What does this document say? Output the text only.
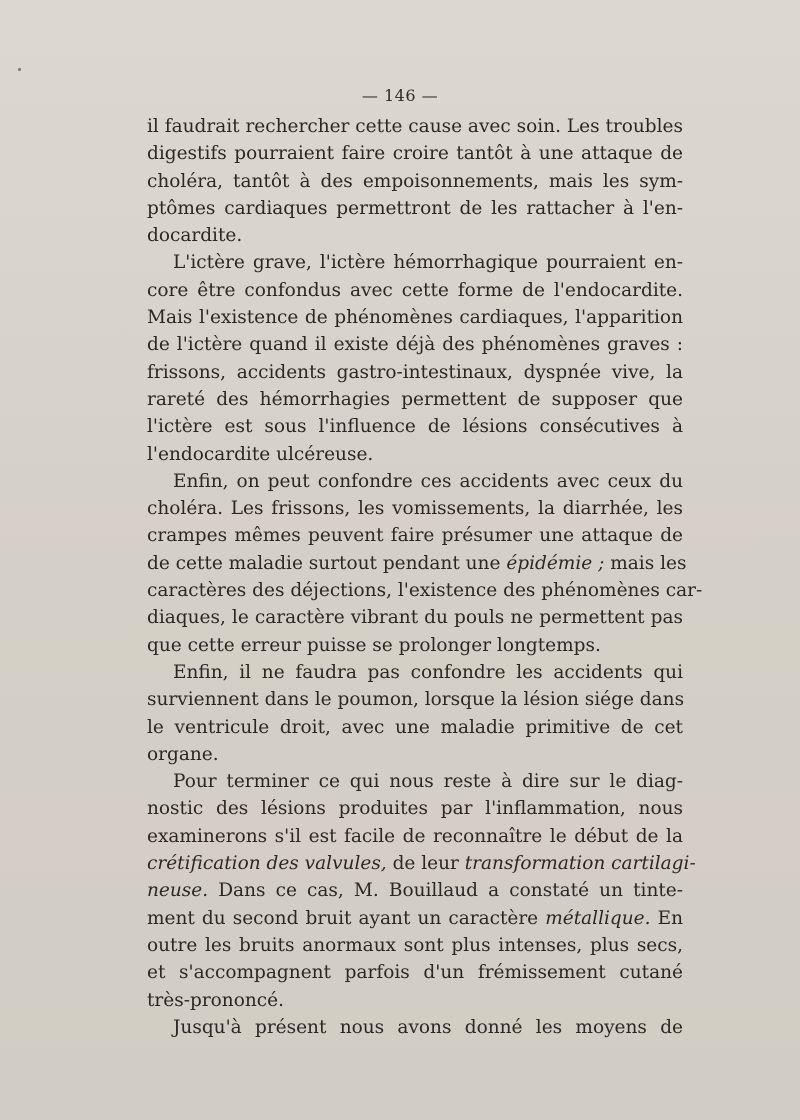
— 146 —
il faudrait rechercher cette cause avec soin. Les troubles
digestifs pourraient faire croire tantôt à une attaque de
choléra, tantôt à des empoisonnements, mais les sym-
ptômes cardiaques permettront de les rattacher à l'en-
docardite.
L'ictère grave, l'ictère hémorrhagique pourraient en-
core être confondus avec cette forme de l'endocardite.
Mais l'existence de phénomènes cardiaques, l'apparition
de l'ictère quand il existe déjà des phénomènes graves :
frissons, accidents gastro-intestinaux, dyspnée vive, la
rareté des hémorrhagies permettent de supposer que
l'ictère est sous l'influence de lésions consécutives à
l'endocardite ulcéreuse.
Enfin, on peut confondre ces accidents avec ceux du
choléra. Les frissons, les vomissements, la diarrhée, les
crampes mêmes peuvent faire présumer une attaque de
de cette maladie surtout pendant une épidémie ; mais les
caractères des déjections, l'existence des phénomènes car-
diaques, le caractère vibrant du pouls ne permettent pas
que cette erreur puisse se prolonger longtemps.
Enfin, il ne faudra pas confondre les accidents qui
surviennent dans le poumon, lorsque la lésion siége dans
le ventricule droit, avec une maladie primitive de cet
organe.
Pour terminer ce qui nous reste à dire sur le diag-
nostic des lésions produites par l'inflammation, nous
examinerons s'il est facile de reconnaître le début de la
crétification des valvules, de leur transformation cartilagi-
neuse. Dans ce cas, M. Bouillaud a constaté un tinte-
ment du second bruit ayant un caractère métallique. En
outre les bruits anormaux sont plus intenses, plus secs,
et s'accompagnent parfois d'un frémissement cutané
très-prononcé.
Jusqu'à présent nous avons donné les moyens de
